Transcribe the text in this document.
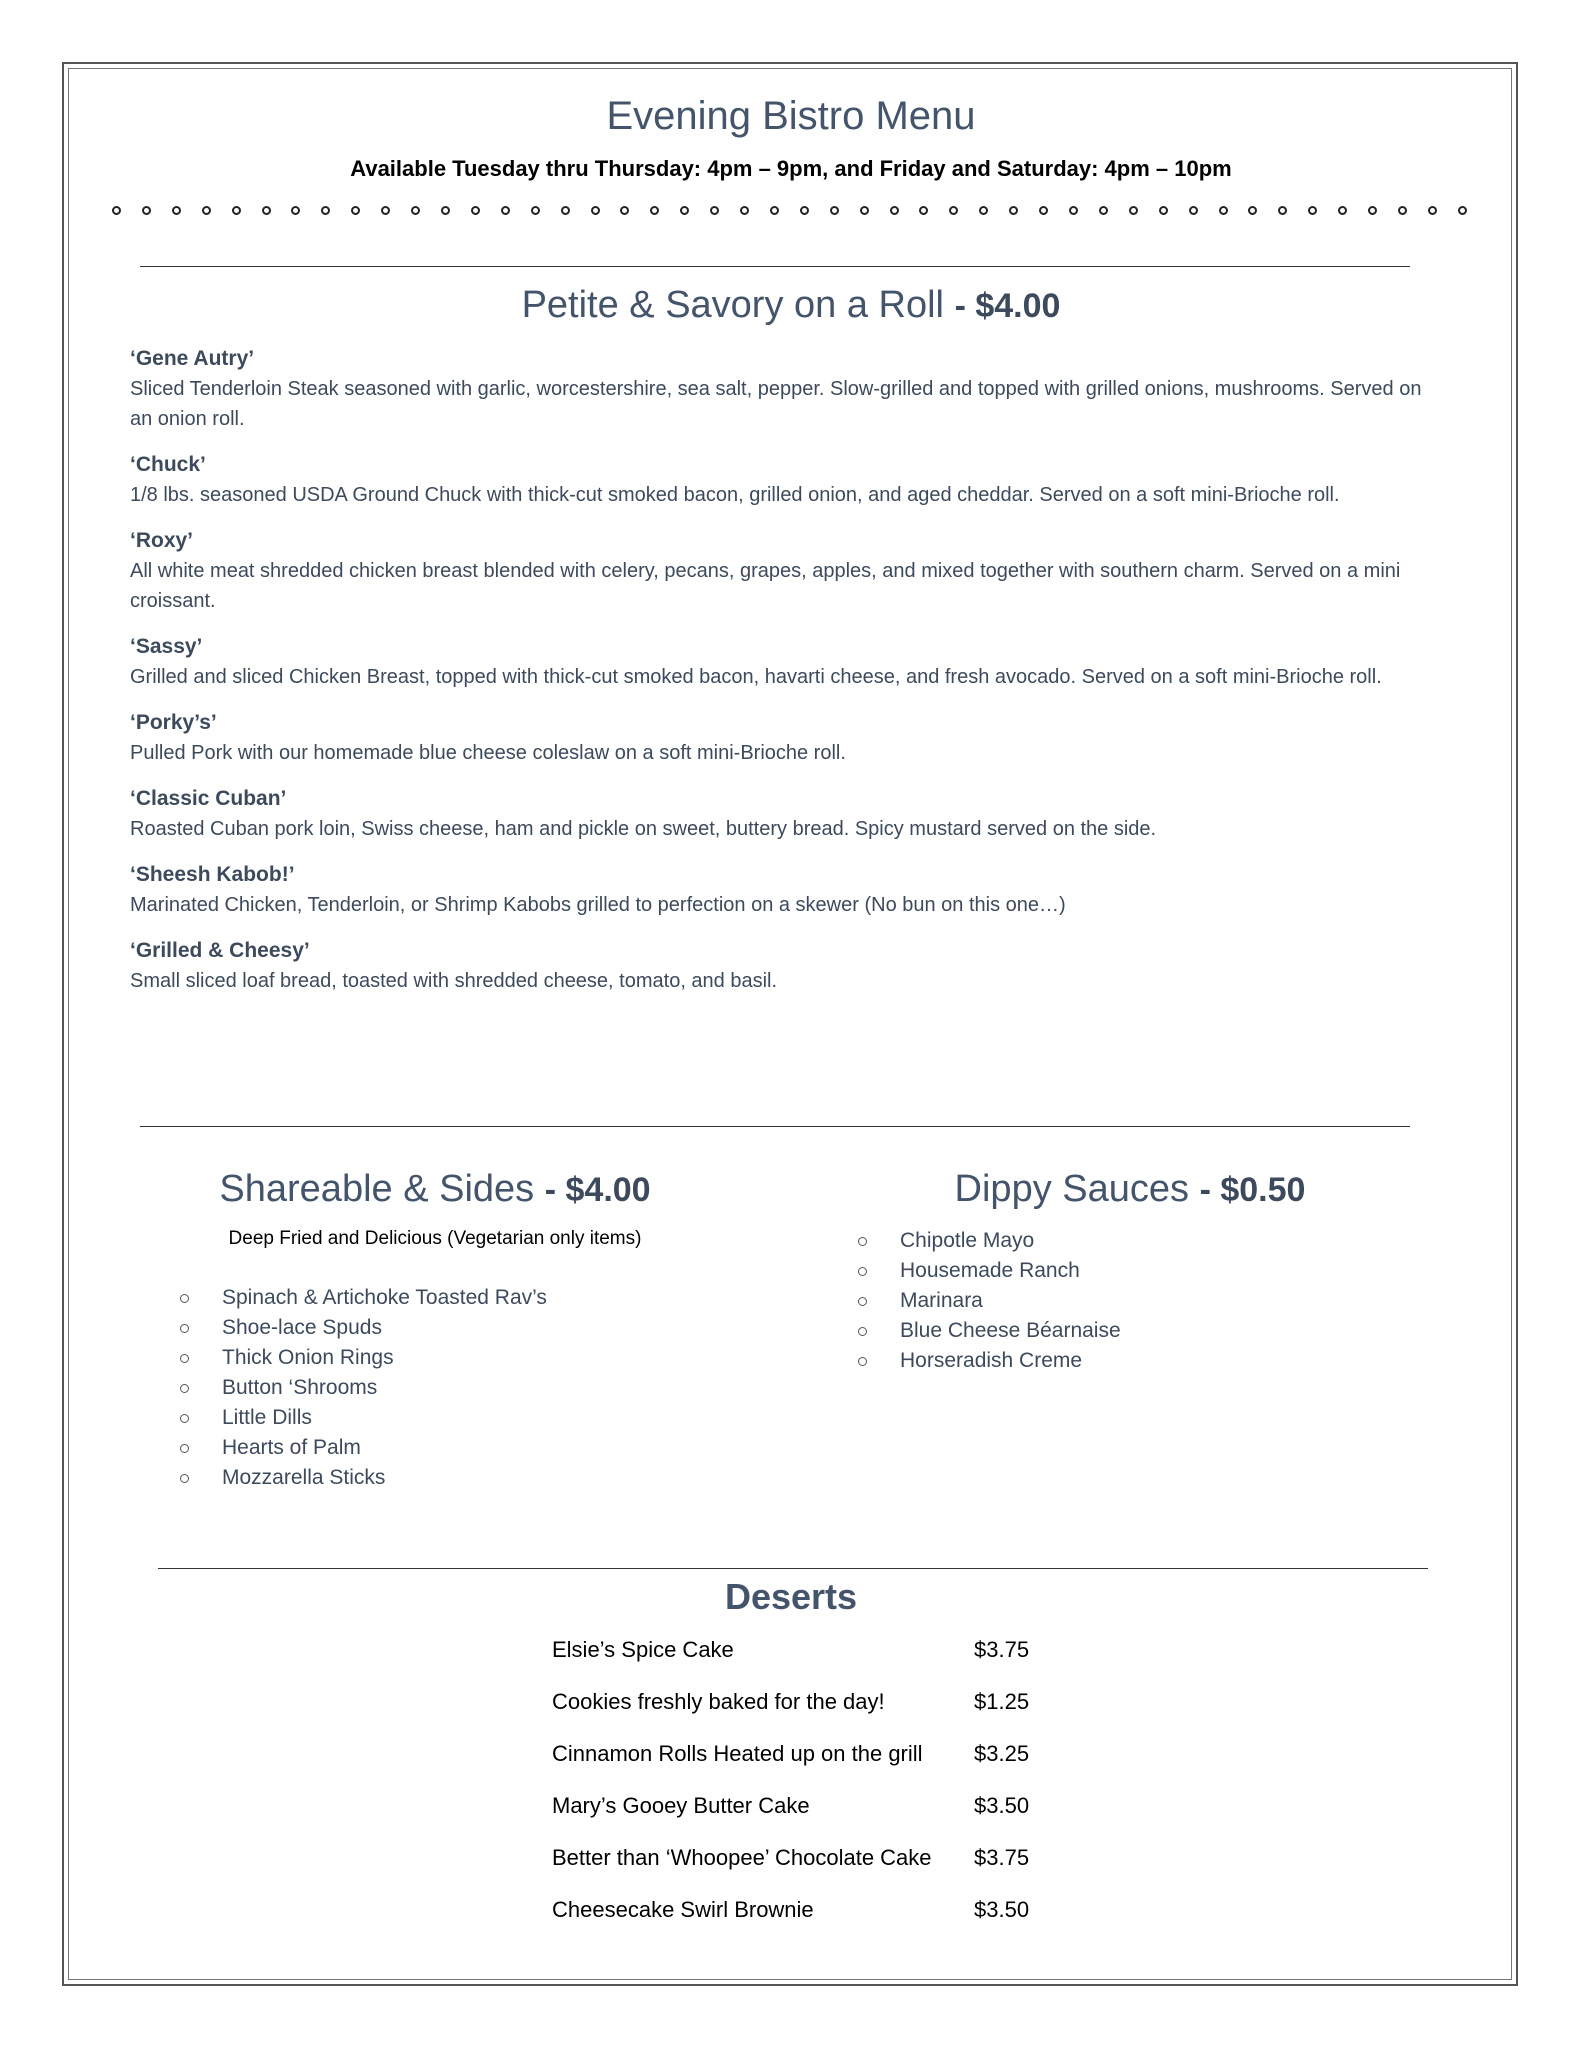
Evening Bistro Menu
Available Tuesday thru Thursday: 4pm – 9pm, and Friday and Saturday: 4pm – 10pm
Petite & Savory on a Roll - $4.00
‘Gene Autry’
Sliced Tenderloin Steak seasoned with garlic, worcestershire, sea salt, pepper. Slow-grilled and topped with grilled onions, mushrooms. Served on an onion roll.
‘Chuck’
1/8 lbs. seasoned USDA Ground Chuck with thick-cut smoked bacon, grilled onion, and aged cheddar. Served on a soft mini-Brioche roll.
‘Roxy’
All white meat shredded chicken breast blended with celery, pecans, grapes, apples, and mixed together with southern charm. Served on a mini croissant.
‘Sassy’
Grilled and sliced Chicken Breast, topped with thick-cut smoked bacon, havarti cheese, and fresh avocado. Served on a soft mini-Brioche roll.
‘Porky’s’
Pulled Pork with our homemade blue cheese coleslaw on a soft mini-Brioche roll.
‘Classic Cuban’
Roasted Cuban pork loin, Swiss cheese, ham and pickle on sweet, buttery bread. Spicy mustard served on the side.
‘Sheesh Kabob!’
Marinated Chicken, Tenderloin, or Shrimp Kabobs grilled to perfection on a skewer (No bun on this one…)
‘Grilled & Cheesy’
Small sliced loaf bread, toasted with shredded cheese, tomato, and basil.
Shareable & Sides - $4.00
Deep Fried and Delicious (Vegetarian only items)
Spinach & Artichoke Toasted Rav’s
Shoe-lace Spuds
Thick Onion Rings
Button ‘Shrooms
Little Dills
Hearts of Palm
Mozzarella Sticks
Dippy Sauces - $0.50
Chipotle Mayo
Housemade Ranch
Marinara
Blue Cheese Béarnaise
Horseradish Creme
Deserts
Elsie’s Spice Cake	$3.75
Cookies freshly baked for the day!	$1.25
Cinnamon Rolls Heated up on the grill	$3.25
Mary’s Gooey Butter Cake	$3.50
Better than ‘Whoopee’ Chocolate Cake	$3.75
Cheesecake Swirl Brownie	$3.50
